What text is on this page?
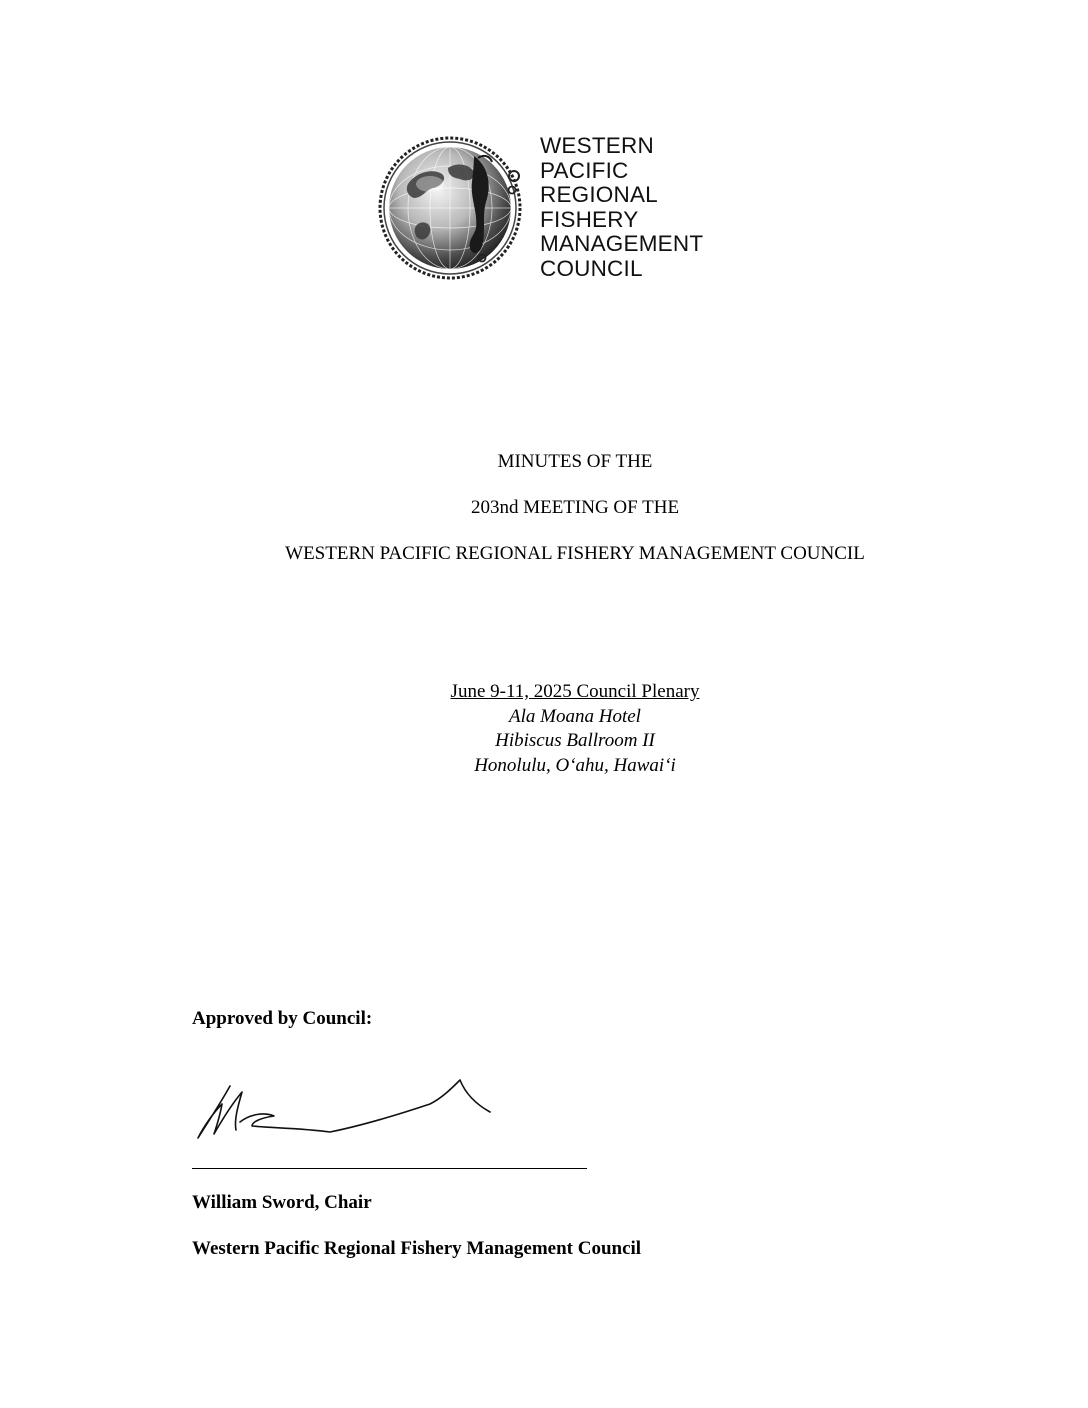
WESTERN
PACIFIC
REGIONAL
FISHERY
MANAGEMENT
COUNCIL
MINUTES OF THE
203nd MEETING OF THE
WESTERN PACIFIC REGIONAL FISHERY MANAGEMENT COUNCIL
June 9-11, 2025 Council Plenary
Ala Moana Hotel
Hibiscus Ballroom II
Honolulu, O‘ahu, Hawai‘i
Approved by Council:
William Sword, Chair
Western Pacific Regional Fishery Management Council
